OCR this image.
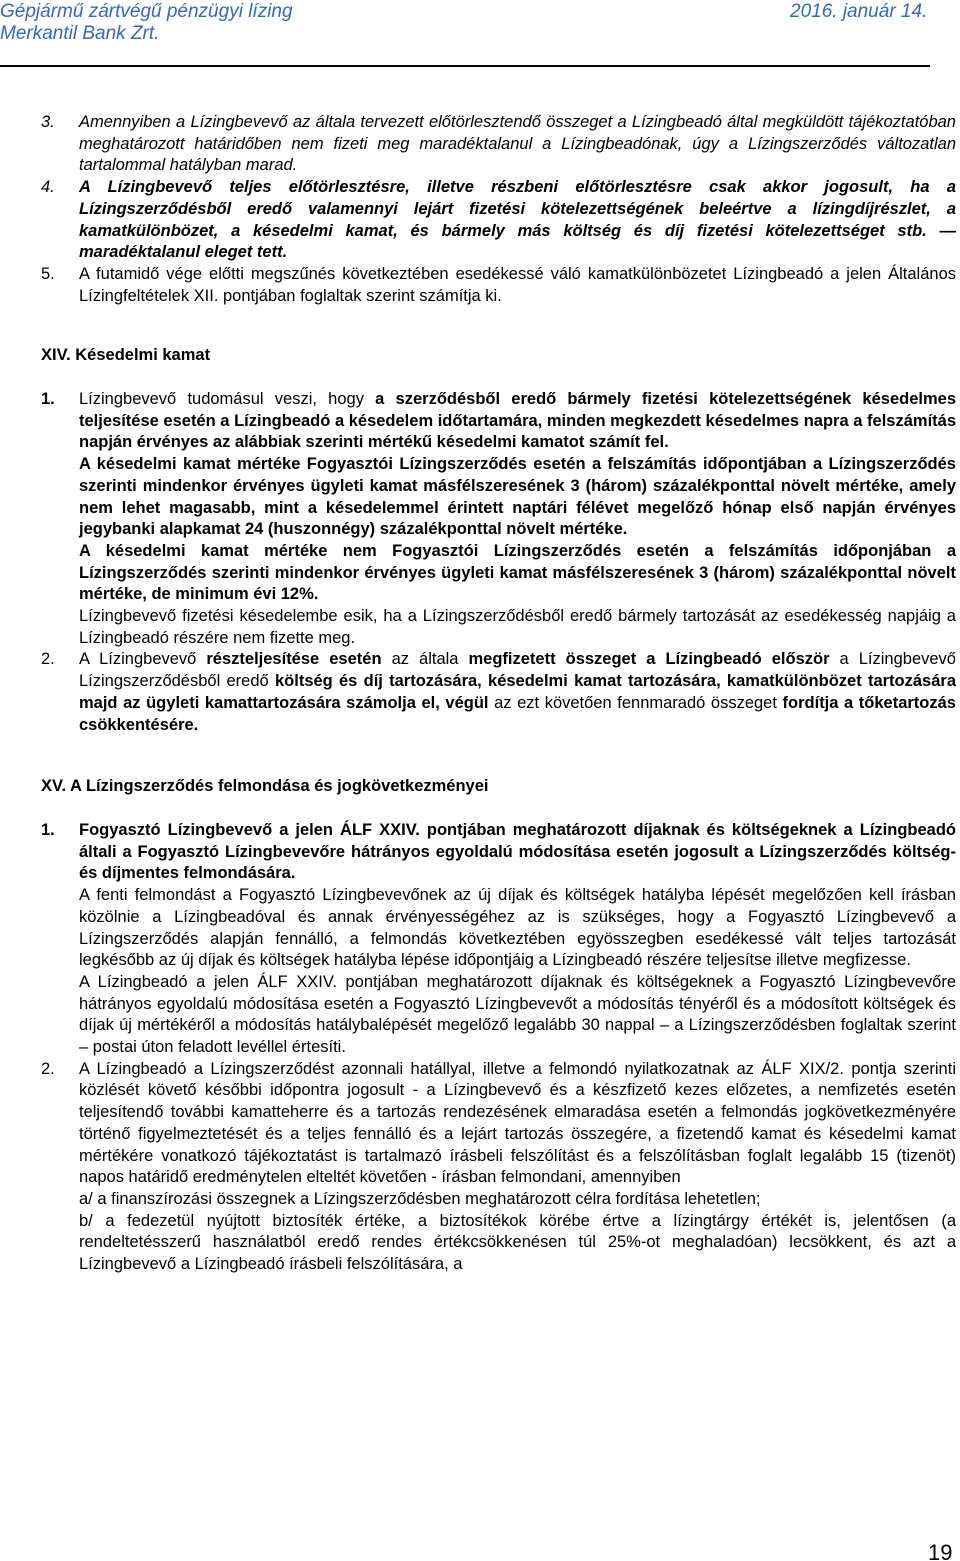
Gépjármű zártvégű pénzügyi lízing	2016. január 14.
Merkantil Bank Zrt.
3. Amennyiben a Lízingbevevő az általa tervezett előtörlesztendő összeget a Lízingbeadó által megküldött tájékoztatóban meghatározott határidőben nem fizeti meg maradéktalanul a Lízingbeadónak, úgy a Lízingszerződés változatlan tartalommal hatályban marad.
4. A Lízingbevevő teljes előtörlesztésre, illetve részbeni előtörlesztésre csak akkor jogosult, ha a Lízingszerződésből eredő valamennyi lejárt fizetési kötelezettségének beleértve a lízingdíjrészlet, a kamatkülönbözet, a késedelmi kamat, és bármely más költség és díj fizetési kötelezettséget stb. — maradéktalanul eleget tett.
5. A futamidő vége előtti megszűnés következtében esedékessé váló kamatkülönbözetet Lízingbeadó a jelen Általános Lízingfeltételek XII. pontjában foglaltak szerint számítja ki.
XIV. Késedelmi kamat
1. Lízingbevevő tudomásul veszi, hogy a szerződésből eredő bármely fizetési kötelezettségének késedelmes teljesítése esetén a Lízingbeadó a késedelem időtartamára, minden megkezdett késedelmes napra a felszámítás napján érvényes az alábbiak szerinti mértékű késedelmi kamatot számít fel.
A késedelmi kamat mértéke Fogyasztói Lízingszerződés esetén a felszámítás időpontjában a Lízingszerződés szerinti mindenkor érvényes ügyleti kamat másfélszeresének 3 (három) százalékponttal növelt mértéke, amely nem lehet magasabb, mint a késedelemmel érintett naptári félévet megelőző hónap első napján érvényes jegybanki alapkamat 24 (huszonnégy) százalékponttal növelt mértéke.
A késedelmi kamat mértéke nem Fogyasztói Lízingszerződés esetén a felszámítás időponjában a Lízingszerződés szerinti mindenkor érvényes ügyleti kamat másfélszeresének 3 (három) százalékponttal növelt mértéke, de minimum évi 12%.
Lízingbevevő fizetési késedelembe esik, ha a Lízingszerződésből eredő bármely tartozását az esedékesség napjáig a Lízingbeadó részére nem fizette meg.
2. A Lízingbevevő részteljesítése esetén az általa megfizetett összeget a Lízingbeadó először a Lízingbevevő Lízingszerződésből eredő költség és díj tartozására, késedelmi kamat tartozására, kamatkülönbözet tartozására majd az ügyleti kamattartozására számolja el, végül az ezt követően fennmaradó összeget fordítja a tőketartozás csökkentésére.
XV. A Lízingszerződés felmondása és jogkövetkezményei
1. Fogyasztó Lízingbevevő a jelen ÁLF XXIV. pontjában meghatározott díjaknak és költségeknek a Lízingbeadó általi a Fogyasztó Lízingbevevőre hátrányos egyoldalú módosítása esetén jogosult a Lízingszerződés költség- és díjmentes felmondására.
A fenti felmondást a Fogyasztó Lízingbevevőnek az új díjak és költségek hatályba lépését megelőzően kell írásban közölnie a Lízingbeadóval és annak érvényességéhez az is szükséges, hogy a Fogyasztó Lízingbevevő a Lízingszerződés alapján fennálló, a felmondás következtében egyösszegben esedékessé vált teljes tartozását legkésőbb az új díjak és költségek hatályba lépése időpontjáig a Lízingbeadó részére teljesítse illetve megfizesse.
A Lízingbeadó a jelen ÁLF XXIV. pontjában meghatározott díjaknak és költségeknek a Fogyasztó Lízingbevevőre hátrányos egyoldalú módosítása esetén a Fogyasztó Lízingbevevőt a módosítás tényéről és a módosított költségek és díjak új mértékéről a módosítás hatálybalépését megelőző legalább 30 nappal – a Lízingszerződésben foglaltak szerint – postai úton feladott levéllel értesíti.
2. A Lízingbeadó a Lízingszerződést azonnali hatállyal, illetve a felmondó nyilatkozatnak az ÁLF XIX/2. pontja szerinti közlését követő későbbi időpontra jogosult - a Lízingbevevő és a készfizető kezes előzetes, a nemfizetés esetén teljesítendő további kamatteherre és a tartozás rendezésének elmaradása esetén a felmondás jogkövetkezményére történő figyelmeztetését és a teljes fennálló és a lejárt tartozás összegére, a fizetendő kamat és késedelmi kamat mértékére vonatkozó tájékoztatást is tartalmazó írásbeli felszólítást és a felszólításban foglalt legalább 15 (tizenöt) napos határidő eredménytelen elteltét követően - írásban felmondani, amennyiben
a/ a finanszírozási összegnek a Lízingszerződésben meghatározott célra fordítása lehetetlen;
b/ a fedezetül nyújtott biztosíték értéke, a biztosítékok körébe értve a lízingtárgy értékét is, jelentősen (a rendeltetésszerű használatból eredő rendes értékcsökkenésen túl 25%-ot meghaladóan) lecsökkent, és azt a Lízingbevevő a Lízingbeadó írásbeli felszólítására, a
19
